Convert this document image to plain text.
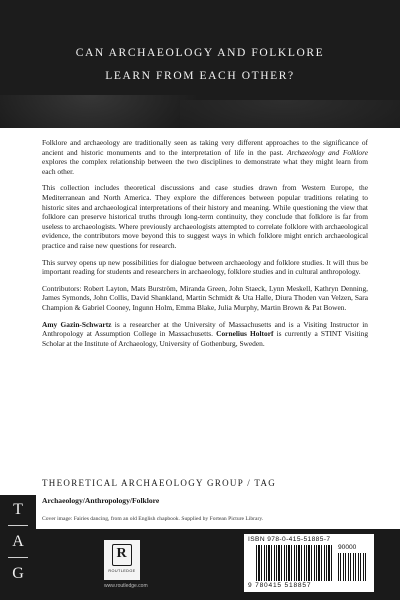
CAN ARCHAEOLOGY AND FOLKLORE
LEARN FROM EACH OTHER?

Folklore and archaeology are traditionally seen as taking very different approaches to the significance of ancient and historic monuments and to the interpretation of life in the past. Archaeology and Folklore explores the complex relationship between the two disciplines to demonstrate what they might learn from each other.

This collection includes theoretical discussions and case studies drawn from Western Europe, the Mediterranean and North America. They explore the differences between popular traditions relating to historic sites and archaeological interpretations of their history and meaning. While questioning the view that folklore can preserve historical truths through long-term continuity, they conclude that folklore is far from useless to archaeologists. Where previously archaeologists attempted to correlate folklore with archaeological evidence, the contributors move beyond this to suggest ways in which folklore might enrich archaeological practice and raise new questions for research.

This survey opens up new possibilities for dialogue between archaeology and folklore studies. It will thus be important reading for students and researchers in archaeology, folklore studies and in cultural anthropology.

Contributors: Robert Layton, Mats Burström, Miranda Green, John Staeck, Lynn Meskell, Kathryn Denning, James Symonds, John Collis, David Shankland, Martin Schmidt & Uta Halle, Diura Thoden van Velzen, Sara Champion & Gabriel Cooney, Ingunn Holm, Emma Blake, Julia Murphy, Martin Brown & Pat Bowen.

Amy Gazin-Schwartz is a researcher at the University of Massachusetts and is a Visiting Instructor in Anthropology at Assumption College in Massachusetts. Cornelius Holtorf is currently a STINT Visiting Scholar at the Institute of Archaeology, University of Gothenburg, Sweden.

THEORETICAL ARCHAEOLOGY GROUP / TAG
Archaeology/Anthropology/Folklore
Cover image: Fairies dancing, from an old English chapbook. Supplied by Fortean Picture Library.
T
A
G
R
ROUTLEDGE
www.routledge.com
ISBN 978-0-415-51885-7
90000
9 780415 518857
